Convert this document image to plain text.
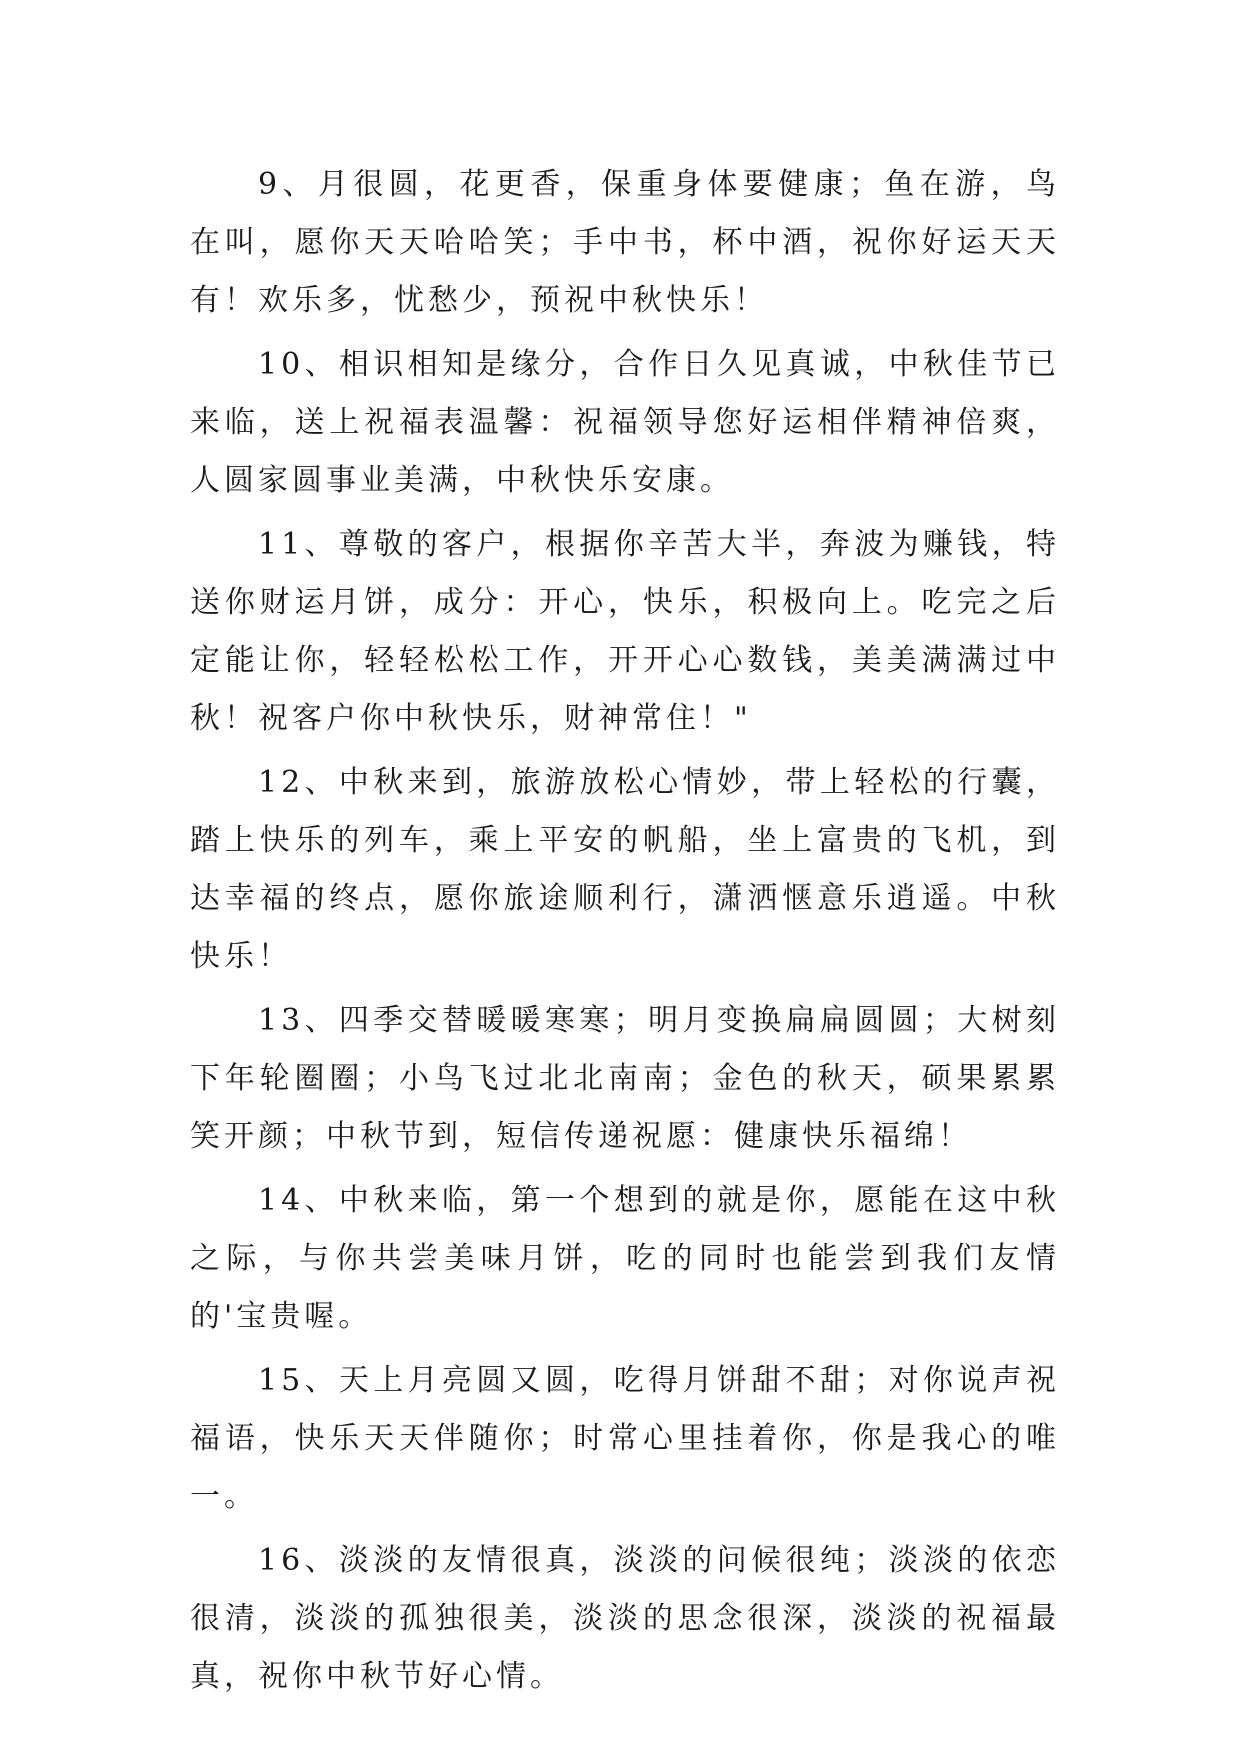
9、月很圆，花更香，保重身体要健康；鱼在游，鸟在叫，愿你天天哈哈笑；手中书，杯中酒，祝你好运天天有！欢乐多，忧愁少，预祝中秋快乐！

10、相识相知是缘分，合作日久见真诚，中秋佳节已来临，送上祝福表温馨：祝福领导您好运相伴精神倍爽，人圆家圆事业美满，中秋快乐安康。

11、尊敬的客户，根据你辛苦大半，奔波为赚钱，特送你财运月饼，成分：开心，快乐，积极向上。吃完之后定能让你，轻轻松松工作，开开心心数钱，美美满满过中秋！祝客户你中秋快乐，财神常住！"

12、中秋来到，旅游放松心情妙，带上轻松的行囊，踏上快乐的列车，乘上平安的帆船，坐上富贵的飞机，到达幸福的终点，愿你旅途顺利行，潇洒惬意乐逍遥。中秋快乐！

13、四季交替暖暖寒寒；明月变换扁扁圆圆；大树刻下年轮圈圈；小鸟飞过北北南南；金色的秋天，硕果累累笑开颜；中秋节到，短信传递祝愿：健康快乐福绵！

14、中秋来临，第一个想到的就是你，愿能在这中秋之际，与你共尝美味月饼，吃的同时也能尝到我们友情的'宝贵喔。

15、天上月亮圆又圆，吃得月饼甜不甜；对你说声祝福语，快乐天天伴随你；时常心里挂着你，你是我心的唯一。

16、淡淡的友情很真，淡淡的问候很纯；淡淡的依恋很清，淡淡的孤独很美，淡淡的思念很深，淡淡的祝福最真，祝你中秋节好心情。
